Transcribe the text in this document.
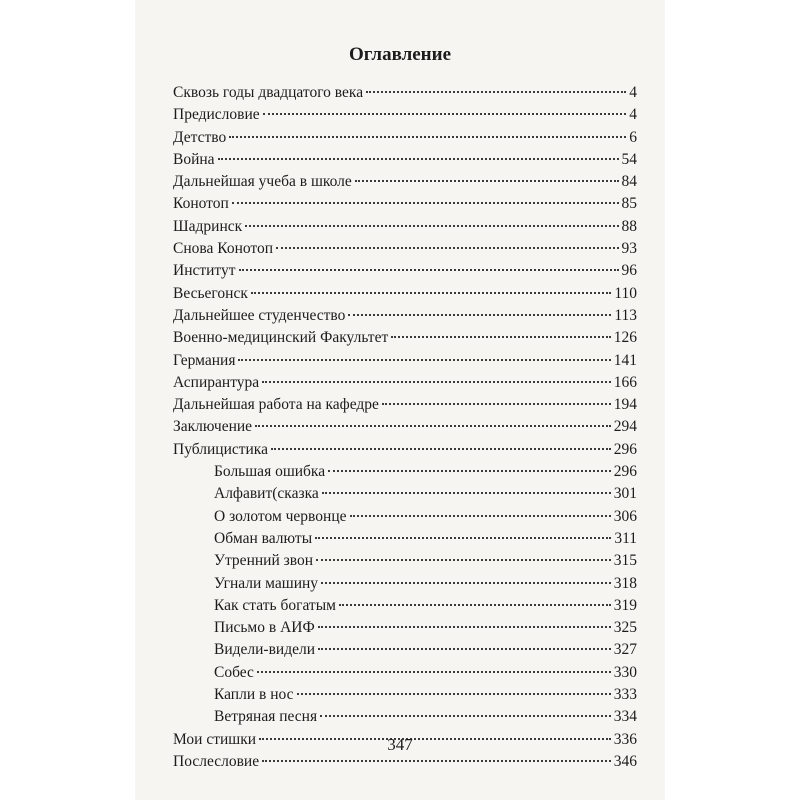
Оглавление
Сквозь годы двадцатого века	4
Предисловие	4
Детство	6
Война	54
Дальнейшая учеба в школе	84
Конотоп	85
Шадринск	88
Снова Конотоп	93
Институт	96
Весьегонск	110
Дальнейшее студенчество	113
Военно-медицинский Факультет	126
Германия	141
Аспирантура	166
Дальнейшая работа на кафедре	194
Заключение	294
Публицистика	296
Большая ошибка	296
Алфавит(сказка	301
О золотом червонце	306
Обман валюты	311
Утренний звон	315
Угнали машину	318
Как стать богатым	319
Письмо в АИФ	325
Видели-видели	327
Собес	330
Капли в нос	333
Ветряная песня	334
Мои стишки	336
Послесловие	346
347
